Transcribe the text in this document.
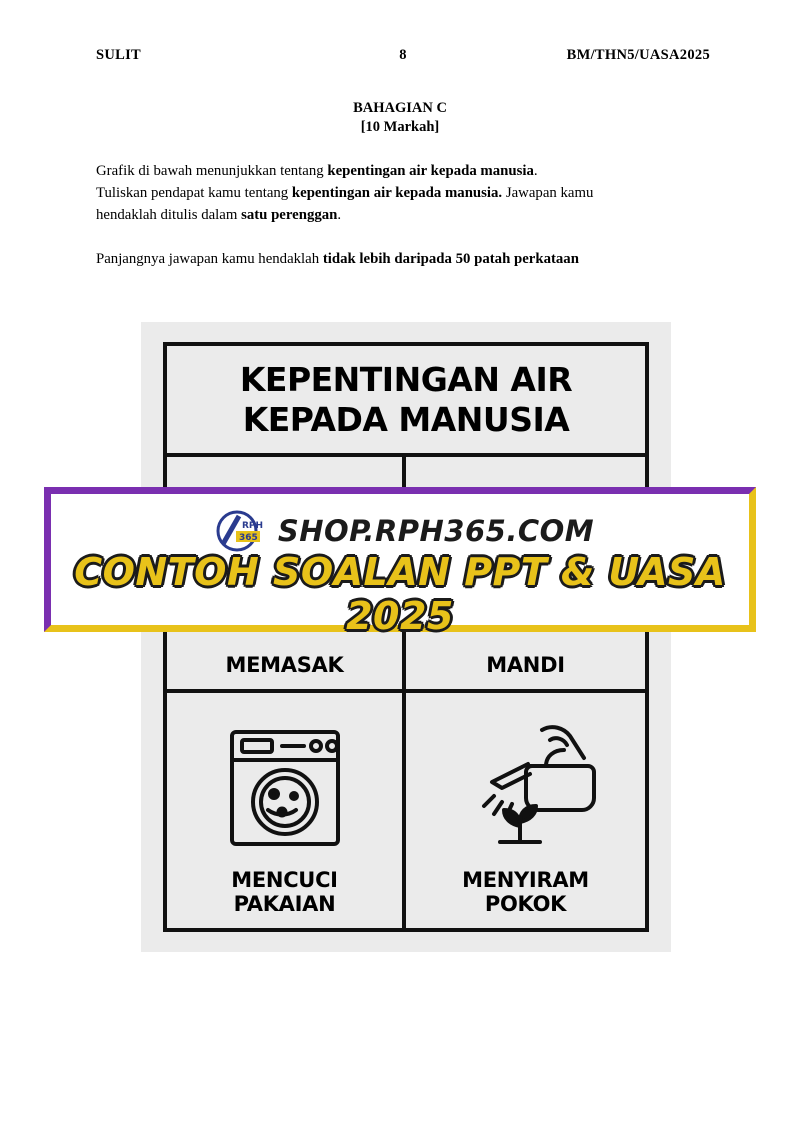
SULIT	8	BM/THN5/UASA2025
BAHAGIAN C
[10 Markah]

Grafik di bawah menunjukkan tentang kepentingan air kepada manusia.

Tuliskan pendapat kamu tentang kepentingan air kepada manusia. Jawapan kamu

hendaklah ditulis dalam satu perenggan.

Panjangnya jawapan kamu hendaklah tidak lebih daripada 50 patah perkataan

KEPENTINGAN AIR
KEPADA MANUSIA
MEMASAK	MANDI
MENCUCI
PAKAIAN
MENYIRAM
POKOK
RPH
365 SHOP.RPH365.COM
CONTOH SOALAN PPT & UASA 2025
